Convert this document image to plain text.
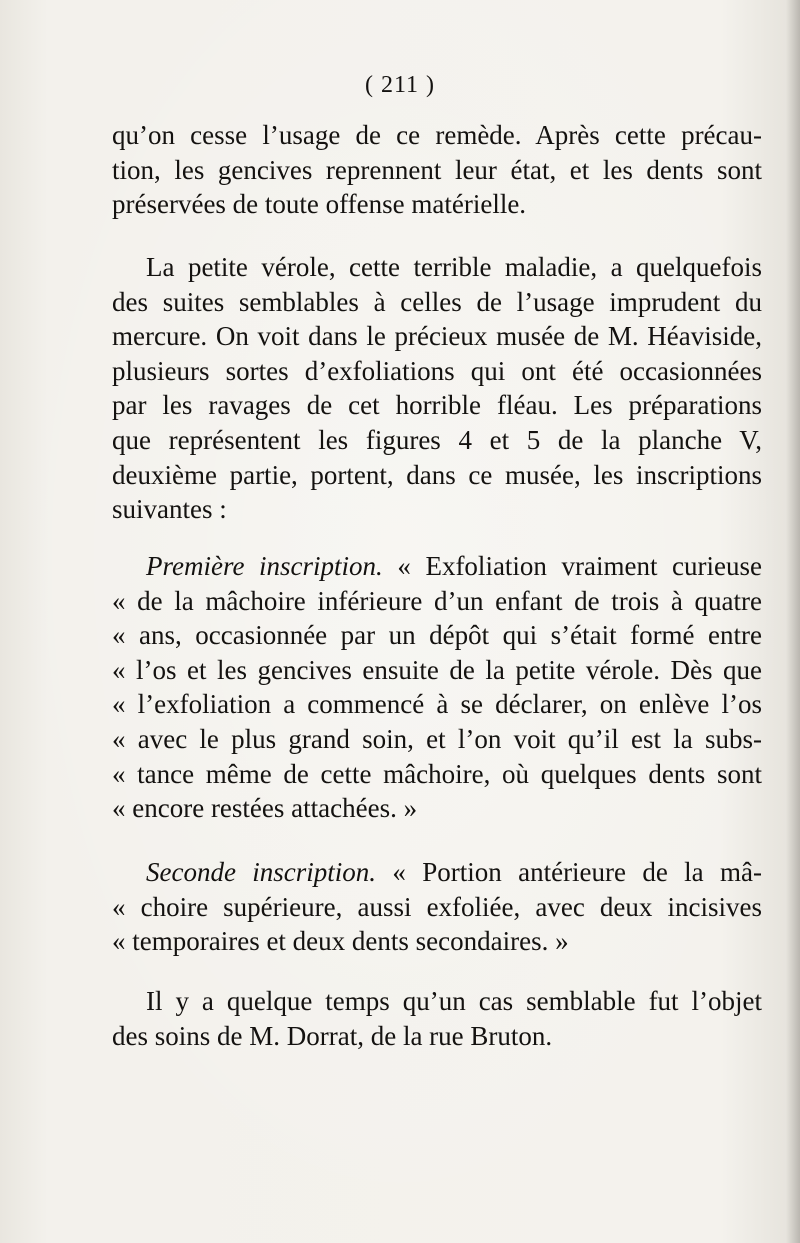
( 211 )

qu’on cesse l’usage de ce remède. Après cette précau-
tion, les gencives reprennent leur état, et les dents sont
préservées de toute offense matérielle.

La petite vérole, cette terrible maladie, a quelquefois
des suites semblables à celles de l’usage imprudent du
mercure. On voit dans le précieux musée de M. Héaviside,
plusieurs sortes d’exfoliations qui ont été occasionnées
par les ravages de cet horrible fléau. Les préparations
que représentent les figures 4 et 5 de la planche V,
deuxième partie, portent, dans ce musée, les inscriptions
suivantes :

Première inscription. « Exfoliation vraiment curieuse
« de la mâchoire inférieure d’un enfant de trois à quatre
« ans, occasionnée par un dépôt qui s’était formé entre
« l’os et les gencives ensuite de la petite vérole. Dès que
« l’exfoliation a commencé à se déclarer, on enlève l’os
« avec le plus grand soin, et l’on voit qu’il est la subs-
« tance même de cette mâchoire, où quelques dents sont
« encore restées attachées. »

Seconde inscription. « Portion antérieure de la mâ-
« choire supérieure, aussi exfoliée, avec deux incisives
« temporaires et deux dents secondaires. »

Il y a quelque temps qu’un cas semblable fut l’objet
des soins de M. Dorrat, de la rue Bruton.
